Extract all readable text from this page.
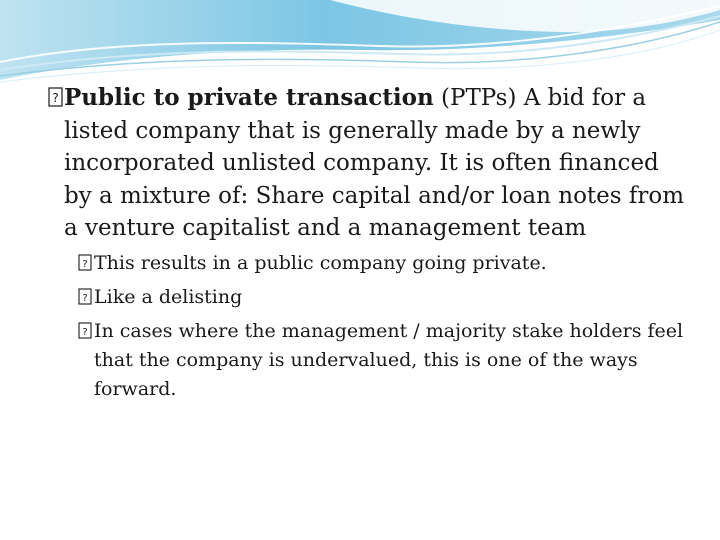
? Public to private transaction (PTPs) A bid for a listed company that is generally made by a newly incorporated unlisted company. It is often financed by a mixture of: Share capital and/or loan notes from a venture capitalist and a management team
? This results in a public company going private.
? Like a delisting
? In cases where the management / majority stake holders feel that the company is undervalued, this is one of the ways forward.
